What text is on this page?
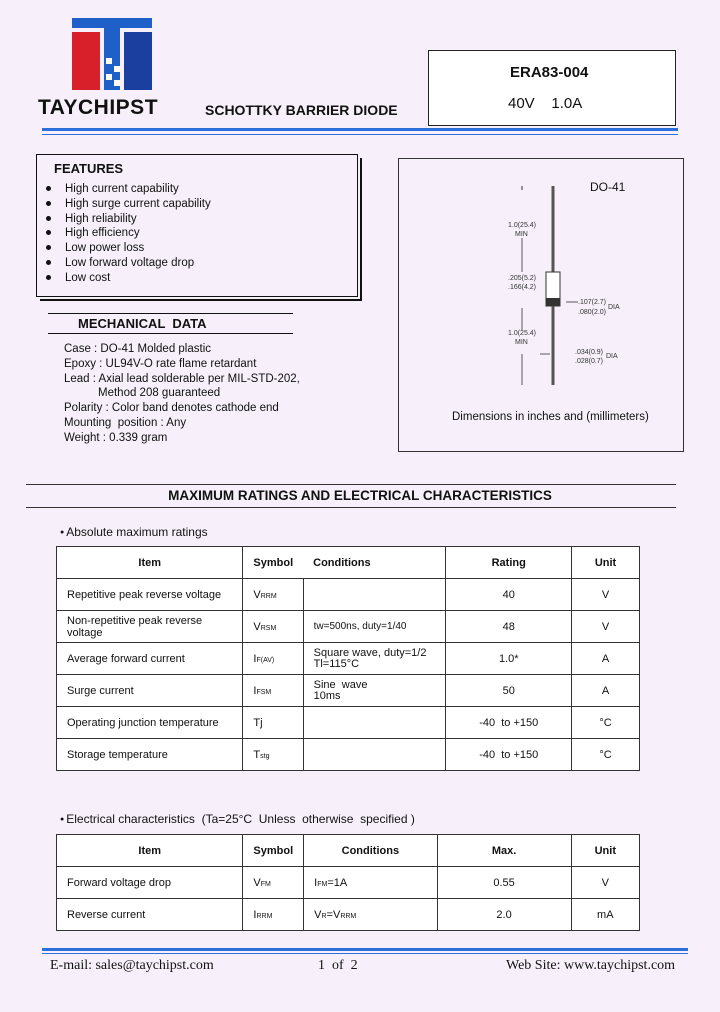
TAYCHIPST	SCHOTTKY BARRIER DIODE
ERA83-004
40V    1.0A
FEATURES
High current capability
High surge current capability
High reliability
High efficiency
Low power loss
Low forward voltage drop
Low cost
MECHANICAL  DATA
Case : DO-41 Molded plastic
Epoxy : UL94V-O rate flame retardant
Lead : Axial lead solderable per MIL-STD-202,
Method 208 guaranteed
Polarity : Color band denotes cathode end
Mounting  position : Any
Weight : 0.339 gram
DO-41
1.0(25.4)
MIN
.205(5.2)
.166(4.2)
.107(2.7)
.080(2.0)
DIA
1.0(25.4)
MIN
.034(0.9)
.028(0.7)
DIA
Dimensions in inches and (millimeters)
MAXIMUM RATINGS AND ELECTRICAL CHARACTERISTICS
● Absolute maximum ratings
Item	Symbol	Conditions	Rating	Unit
Repetitive peak reverse voltage	VRRM		40	V
Non-repetitive peak reverse voltage	VRSM	tw=500ns, duty=1/40	48	V
Average forward current	IF(AV)	Square wave, duty=1/2
Tl=115°C	1.0*	A
Surge current	IFSM	Sine  wave
10ms	50	A
Operating junction temperature	Tj		-40  to +150	°C
Storage temperature	Tstg		-40  to +150	°C
● Electrical characteristics  (Ta=25°C  Unless  otherwise  specified )
Item	Symbol	Conditions	Max.	Unit
Forward voltage drop	VFM	IFM=1A	0.55	V
Reverse current	IRRM	VR=VRRM	2.0	mA
E-mail: sales@taychipst.com	1  of  2	Web Site: www.taychipst.com
